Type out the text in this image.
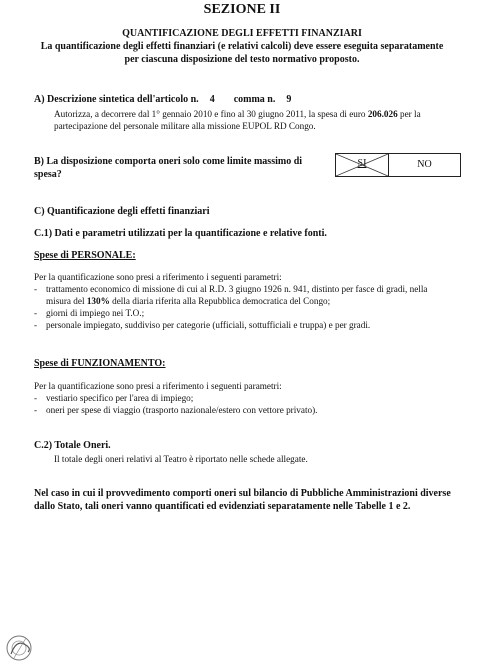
SEZIONE II
QUANTIFICAZIONE DEGLI EFFETTI FINANZIARI
La quantificazione degli effetti finanziari (e relativi calcoli) deve essere eseguita separatamente per ciascuna disposizione del testo normativo proposto.
A) Descrizione sintetica dell'articolo n. 4 comma n. 9
Autorizza, a decorrere dal 1° gennaio 2010 e fino al 30 giugno 2011, la spesa di euro 206.026 per la partecipazione del personale militare alla missione EUPOL RD Congo.
B) La disposizione comporta oneri solo come limite massimo di spesa?
SI	NO
C) Quantificazione degli effetti finanziari
C.1) Dati e parametri utilizzati per la quantificazione e relative fonti.
Spese di PERSONALE:
Per la quantificazione sono presi a riferimento i seguenti parametri:
- trattamento economico di missione di cui al R.D. 3 giugno 1926 n. 941, distinto per fasce di gradi, nella misura del 130% della diaria riferita alla Repubblica democratica del Congo;
- giorni di impiego nei T.O.;
- personale impiegato, suddiviso per categorie (ufficiali, sottufficiali e truppa) e per gradi.
Spese di FUNZIONAMENTO:
Per la quantificazione sono presi a riferimento i seguenti parametri:
- vestiario specifico per l'area di impiego;
- oneri per spese di viaggio (trasporto nazionale/estero con vettore privato).
C.2) Totale Oneri.
Il totale degli oneri relativi al Teatro è riportato nelle schede allegate.
Nel caso in cui il provvedimento comporti oneri sul bilancio di Pubbliche Amministrazioni diverse dallo Stato, tali oneri vanno quantificati ed evidenziati separatamente nelle Tabelle 1 e 2.
